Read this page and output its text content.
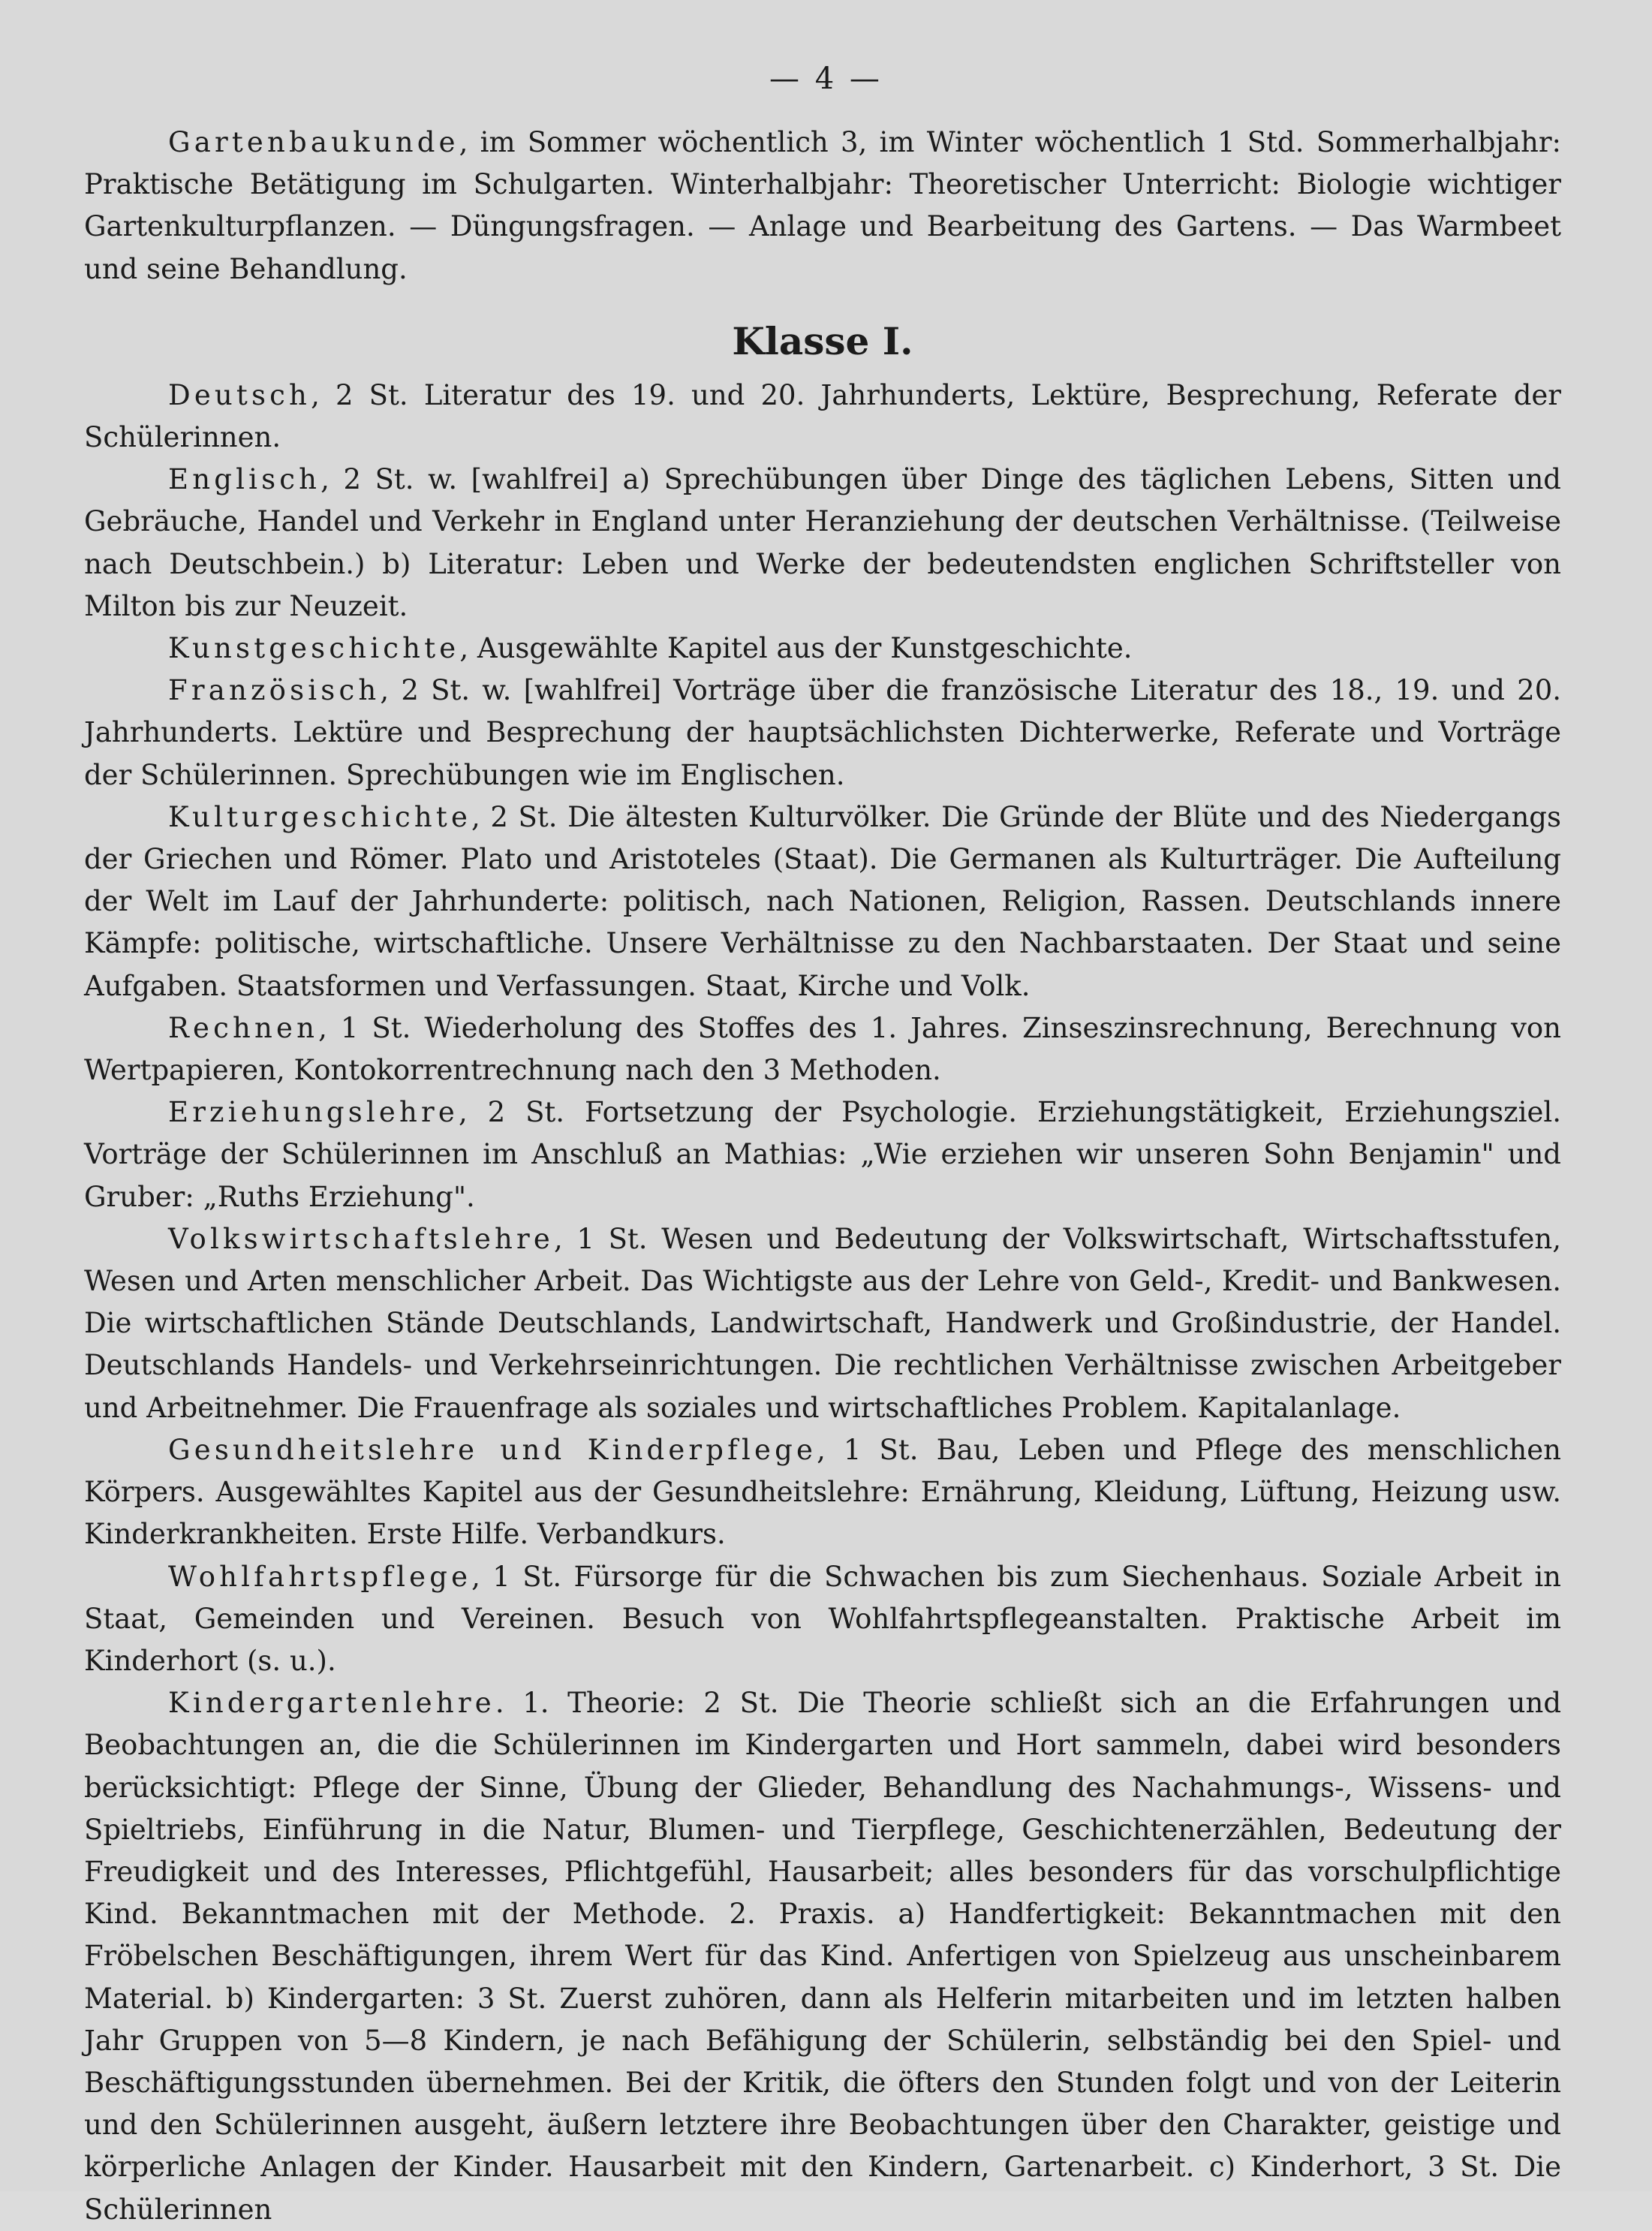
— 4 —

Gartenbaukunde, im Sommer wöchentlich 3, im Winter wöchentlich 1 Std. Sommerhalbjahr: Praktische Betätigung im Schulgarten. Winterhalbjahr: Theoretischer Unterricht: Biologie wichtiger Gartenkulturpflanzen. — Düngungsfragen. — Anlage und Bearbeitung des Gartens. — Das Warmbeet und seine Behandlung.

Klasse I.

Deutsch, 2 St. Literatur des 19. und 20. Jahrhunderts, Lektüre, Besprechung, Referate der Schülerinnen.

Englisch, 2 St. w. [wahlfrei] a) Sprechübungen über Dinge des täglichen Lebens, Sitten und Gebräuche, Handel und Verkehr in England unter Heranziehung der deutschen Verhältnisse. (Teilweise nach Deutschbein.) b) Literatur: Leben und Werke der bedeutendsten englichen Schriftsteller von Milton bis zur Neuzeit.

Kunstgeschichte, Ausgewählte Kapitel aus der Kunstgeschichte.

Französisch, 2 St. w. [wahlfrei] Vorträge über die französische Literatur des 18., 19. und 20. Jahrhunderts. Lektüre und Besprechung der hauptsächlichsten Dichterwerke, Referate und Vorträge der Schülerinnen. Sprechübungen wie im Englischen.

Kulturgeschichte, 2 St. Die ältesten Kulturvölker. Die Gründe der Blüte und des Niedergangs der Griechen und Römer. Plato und Aristoteles (Staat). Die Germanen als Kulturträger. Die Aufteilung der Welt im Lauf der Jahrhunderte: politisch, nach Nationen, Religion, Rassen. Deutschlands innere Kämpfe: politische, wirtschaftliche. Unsere Verhältnisse zu den Nachbarstaaten. Der Staat und seine Aufgaben. Staatsformen und Verfassungen. Staat, Kirche und Volk.

Rechnen, 1 St. Wiederholung des Stoffes des 1. Jahres. Zinseszinsrechnung, Berechnung von Wertpapieren, Kontokorrentrechnung nach den 3 Methoden.

Erziehungslehre, 2 St. Fortsetzung der Psychologie. Erziehungstätigkeit, Erziehungsziel. Vorträge der Schülerinnen im Anschluß an Mathias: „Wie erziehen wir unseren Sohn Benjamin" und Gruber: „Ruths Erziehung".

Volkswirtschaftslehre, 1 St. Wesen und Bedeutung der Volkswirtschaft, Wirtschaftsstufen, Wesen und Arten menschlicher Arbeit. Das Wichtigste aus der Lehre von Geld-, Kredit- und Bankwesen. Die wirtschaftlichen Stände Deutschlands, Landwirtschaft, Handwerk und Großindustrie, der Handel. Deutschlands Handels- und Verkehrseinrichtungen. Die rechtlichen Verhältnisse zwischen Arbeitgeber und Arbeitnehmer. Die Frauenfrage als soziales und wirtschaftliches Problem. Kapitalanlage.

Gesundheitslehre und Kinderpflege, 1 St. Bau, Leben und Pflege des menschlichen Körpers. Ausgewähltes Kapitel aus der Gesundheitslehre: Ernährung, Kleidung, Lüftung, Heizung usw. Kinderkrankheiten. Erste Hilfe. Verbandkurs.

Wohlfahrtspflege, 1 St. Fürsorge für die Schwachen bis zum Siechenhaus. Soziale Arbeit in Staat, Gemeinden und Vereinen. Besuch von Wohlfahrtspflegeanstalten. Praktische Arbeit im Kinderhort (s. u.).

Kindergartenlehre. 1. Theorie: 2 St. Die Theorie schließt sich an die Erfahrungen und Beobachtungen an, die die Schülerinnen im Kindergarten und Hort sammeln, dabei wird besonders berücksichtigt: Pflege der Sinne, Übung der Glieder, Behandlung des Nachahmungs-, Wissens- und Spieltriebs, Einführung in die Natur, Blumen- und Tierpflege, Geschichtenerzählen, Bedeutung der Freudigkeit und des Interesses, Pflichtgefühl, Hausarbeit; alles besonders für das vorschulpflichtige Kind. Bekanntmachen mit der Methode. 2. Praxis. a) Handfertigkeit: Bekanntmachen mit den Fröbelschen Beschäftigungen, ihrem Wert für das Kind. Anfertigen von Spielzeug aus unscheinbarem Material. b) Kindergarten: 3 St. Zuerst zuhören, dann als Helferin mitarbeiten und im letzten halben Jahr Gruppen von 5—8 Kindern, je nach Befähigung der Schülerin, selbständig bei den Spiel- und Beschäftigungsstunden übernehmen. Bei der Kritik, die öfters den Stunden folgt und von der Leiterin und den Schülerinnen ausgeht, äußern letztere ihre Beobachtungen über den Charakter, geistige und körperliche Anlagen der Kinder. Hausarbeit mit den Kindern, Gartenarbeit. c) Kinderhort, 3 St. Die Schülerinnen
